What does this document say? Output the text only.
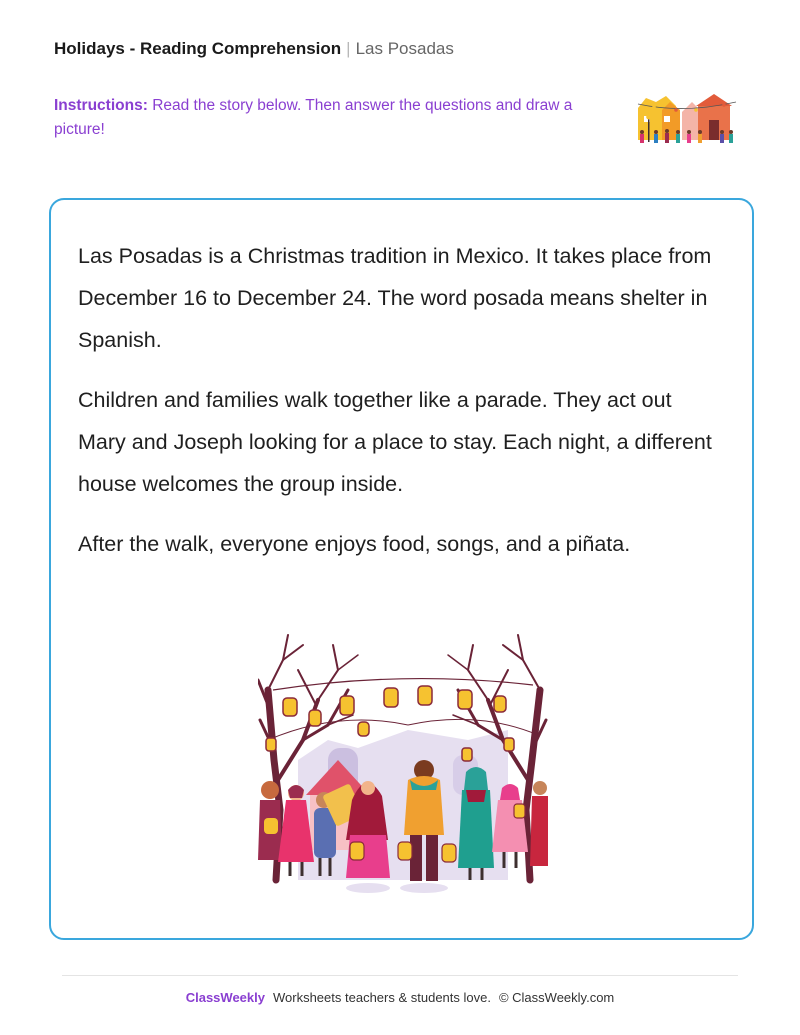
Holidays - Reading Comprehension | Las Posadas
Instructions: Read the story below. Then answer the questions and draw a picture!

Las Posadas is a Christmas tradition in Mexico. It takes place from December 16 to December 24. The word posada means shelter in Spanish.

Children and families walk together like a parade. They act out Mary and Joseph looking for a place to stay. Each night, a different house welcomes the group inside.

After the walk, everyone enjoys food, songs, and a piñata.

ClassWeekly Worksheets teachers & students love. © ClassWeekly.com
